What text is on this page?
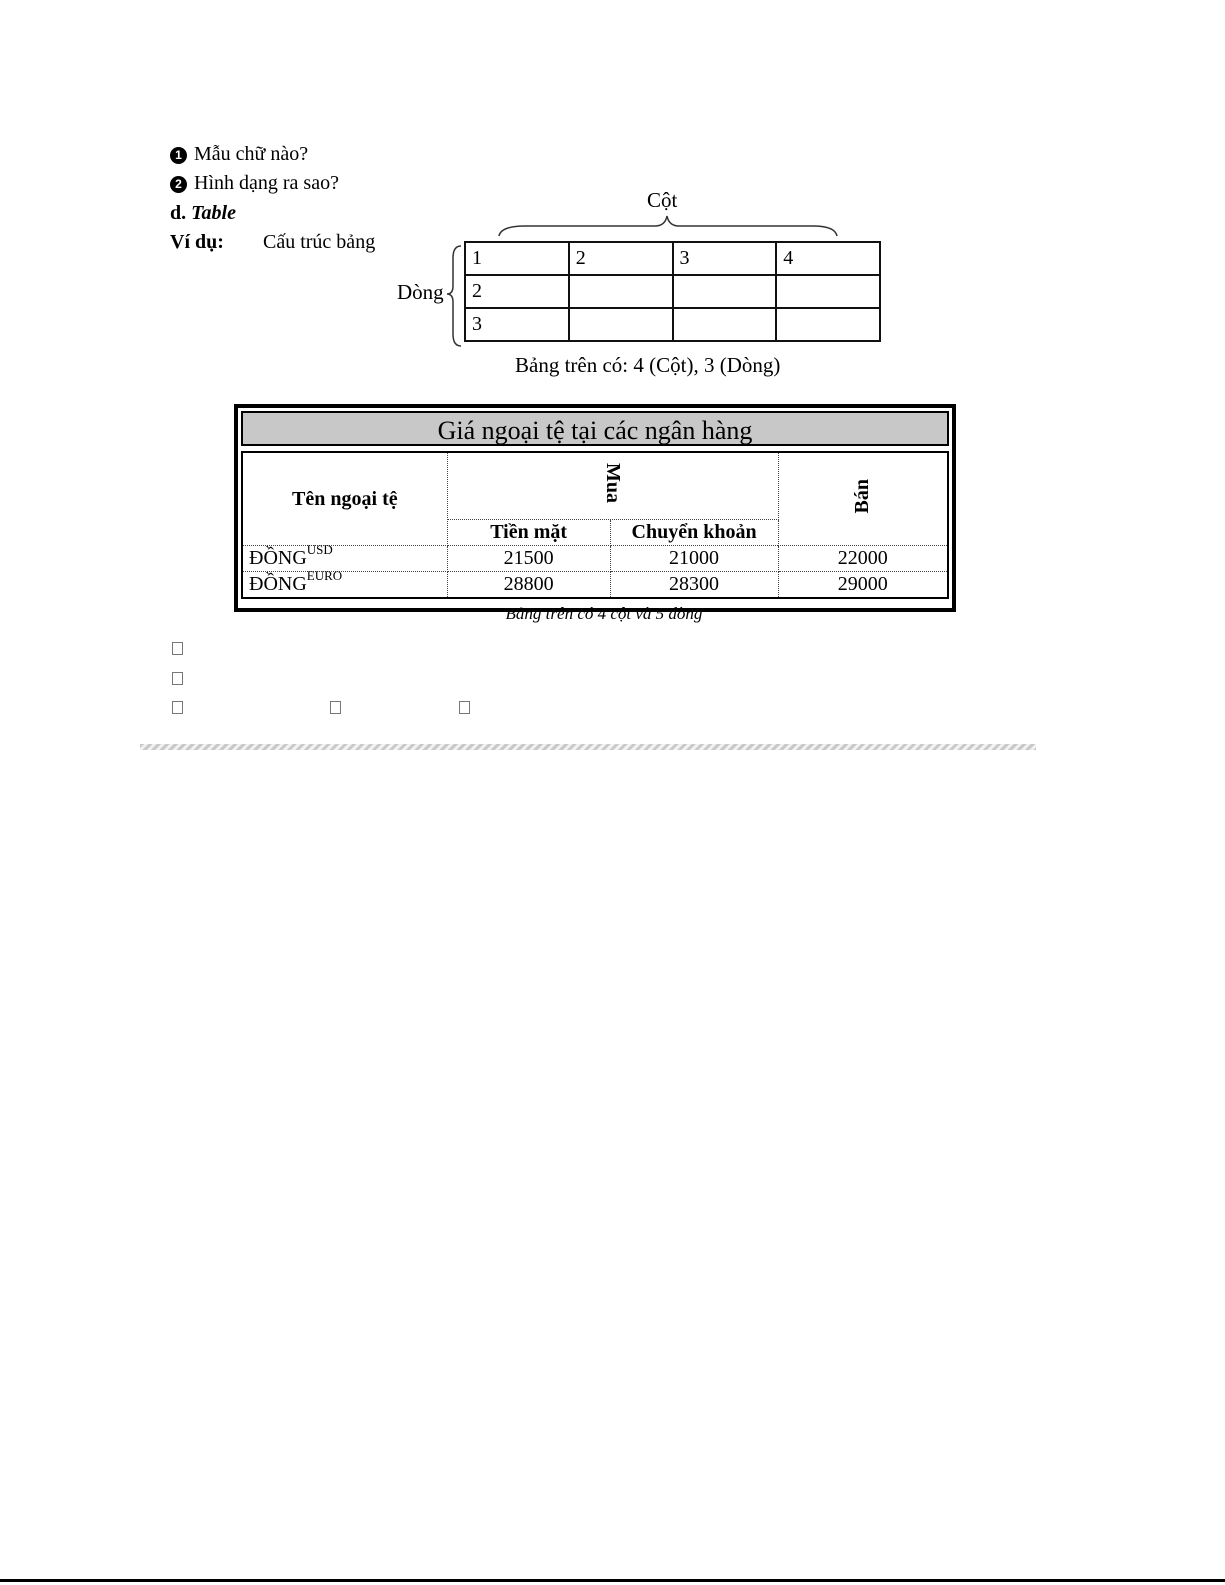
1 Mẫu chữ nào?
2 Hình dạng ra sao?
d. Table
Ví dụ: Cấu trúc bảng
Cột
Dòng
1	2	3	4
2			
3			
Bảng trên có: 4 (Cột), 3 (Dòng)
Giá ngoại tệ tại các ngân hàng
Tên ngoại tệ	Mua		Bán
	Tiền mặt	Chuyển khoản	
ĐỒNG$^{USD}$	21500	21000	22000
ĐỒNG$^{EURO}$	28800	28300	29000
Bảng trên có 4 cột và 5 dòng
